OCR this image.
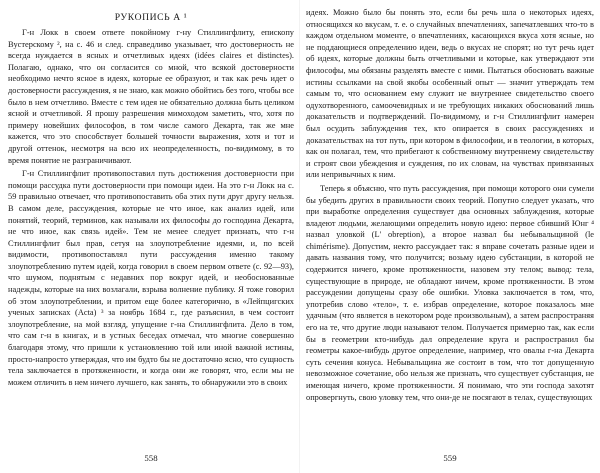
РУКОПИСЬ А ¹

Г-н Локк в своем ответе покойному г-ну Стиллингфлиту, епископу Вустерскому ², на с. 46 и след. справедливо указывает, что достоверность не всегда нуждается в ясных и отчетливых идеях (idées claires et distinctes). Полагаю, однако, что он согласится со мной, что всякой достоверности необходимо нечто ясное в идеях, которые ее образуют, и так как речь идет о достоверности рассуждения, я не знаю, как можно обойтись без того, чтобы все было в нем отчетливо. Вместе с тем идея не обязательно должна быть целиком ясной и отчетливой. Я прошу разрешения мимоходом заметить, что, хотя по примеру новейших философов, в том числе самого Декарта, так же мне кажется, что это способствует большей точности выражения, хотя и тот и другой оттенок, несмотря на всю их неопределенность, по-видимому, в то время понятие не разграничивают.

Г-н Стиллингфлит противопоставил путь достижения достоверности при помощи рассудка пути достоверности при помощи идеи. На это г-н Локк на с. 59 правильно отвечает, что противопоставить оба этих пути друг другу нельзя. В самом деле, рассуждения, которые не что иное, как анализ идей, или понятий, теорий, терминов, как называли их философы до господина Декарта, не что иное, как связь идей». Тем не менее следует признать, что г-н Стиллингфлит был прав, сетуя на злоупотребление идеями, и, по всей видимости, противопоставлял пути рассуждения именно такому злоупотреблению путем идей, когда говорил в своем первом ответе (с. 92—93), что шумом, поднятым с недавних пор вокруг идей, и необоснованные надежды, которые на них возлагали, взрыва волнение публику. Я тоже говорил об этом злоупотреблении, и притом еще более категорично, в «Лейпцигских ученых записках (Acta) ³ за ноябрь 1684 г., где разъяснил, в чем состоит злоупотребление, на мой взгляд, упущение г-на Стиллингфлита. Дело в том, что сам г-н в книгах, и в устных беседах отмечал, что многие совершенно благодаря этому, что пришли к установлению той или иной важной истины, просто-напросто утверждая, что им будто бы не достаточно ясно, что сущность тела заключается в протяженности, и когда они же говорят, что, если мы не можем отличить в нем ничего лучшего, как занять, то обнаружили это в своих

558

идеях. Можно было бы понять это, если бы речь шла о некоторых идеях, относящихся ко вкусам, т. е. о случайных впечатлениях, запечатлевших что-то в каждом отдельном моменте, о впечатлениях, касающихся вкуса хотя ясные, но не поддающиеся определению идеи, ведь о вкусах не спорят; но тут речь идет об идеях, которые должны быть отчетливыми и которые, как утверждают эти философы, мы обязаны разделять вместе с ними. Пытаться обосновать важные истины ссылками на свой якобы особенный опыт — значит утверждать тем самым то, что основанием ему служит не внутреннее свидетельство своего одухотворенного, самоочевидных и не требующих никаких обоснований лишь доказательств и подтверждений. По-видимому, и г-н Стиллингфлит намерен был осудить заблуждения тех, кто опирается в своих рассуждениях и доказательствах на тот путь, при котором в философии, и в теологии, в которых, как он полагал, тем, что прибегают к собственному внутреннему свидетельству и строят свои убеждения и суждения, по их словам, на чувствах привязанных или непривычных к ним.

Теперь я объясню, что путь рассуждения, при помощи которого они сумели бы убедить других в правильности своих теорий. Попутно следует указать, что при выработке определения существует два основных заблуждения, которые владеют людьми, желающими определить новую идею: первое сбивший Юнг ⁴ назвал уловкой (L' obreption), а второе назвал бы небывальщиной (le chimérisme). Допустим, некто рассуждает так: я вправе сочетать разные идеи и давать названия тому, что получится; возьму идею субстанции, в которой не содержится ничего, кроме протяженности, назовем эту телом; вывод: тела, существующие в природе, не обладают ничем, кроме протяженности. В этом рассуждении допущены сразу обе ошибки. Уловка заключается в том, что, употребив слово «тело», т. е. избрав определение, которое показалось мне удачным (что является в некотором роде произвольным), а затем распространяя его на те, что другие люди называют телом. Получается примерно так, как если бы в геометрии кто-нибудь дал определение круга и распространил бы геометры какое-нибудь другое определение, например, что овалы г-на Декарта суть сечения конуса. Небывальщина же состоит в том, что тот допущенную невозможное сочетание, обо нельзя же признать, что существует субстанция, не имеющая ничего, кроме протяженности. Я понимаю, что эти господа захотят опровергнуть, свою уловку тем, что они-де не посягают в телах, существующих

559
